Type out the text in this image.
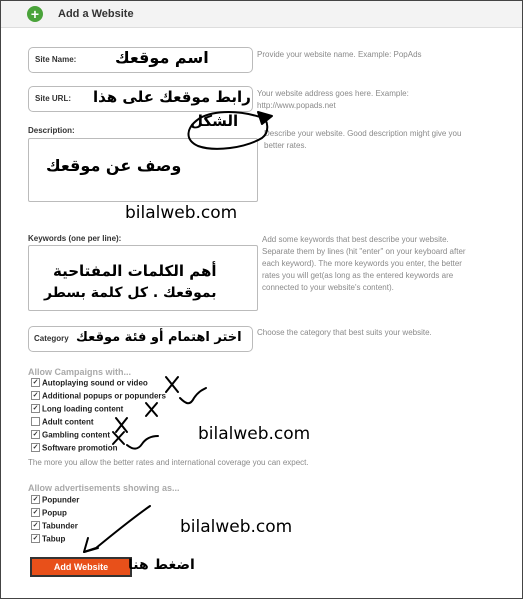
+	Add a Website
Site Name: اسم موقعك	Provide your website name. Example: PopAds
Site URL: رابط موقعك على هذا
الشكل
Your website address goes here. Example:
http://www.popads.net
Description:
وصف عن موقعك
Describe your website. Good description might give you
better rates.
bilalweb.com
Keywords (one per line):
أهم الكلمات المفتاحية
بموقعك . كل كلمة بسطر
Add some keywords that best describe your website.
Separate them by lines (hit "enter" on your keyboard after
each keyword). The more keywords you enter, the better
rates you will get(as long as the entered keywords are
connected to your website's content).
Category اختر اهتمام أو فئة موقعك Choose the category that best suits your website.
Allow Campaigns with...
✓ Autoplaying sound or video
✓ Additional popups or popunders
✓ Long loading content
Adult content
✓ Gambling content
✓ Software promotion
The more you allow the better rates and international coverage you can expect.
bilalweb.com
Allow advertisements showing as...
✓ Popunder
✓ Popup
✓ Tabunder
✓ Tabup
bilalweb.com
Add Website	اضغط هنا
